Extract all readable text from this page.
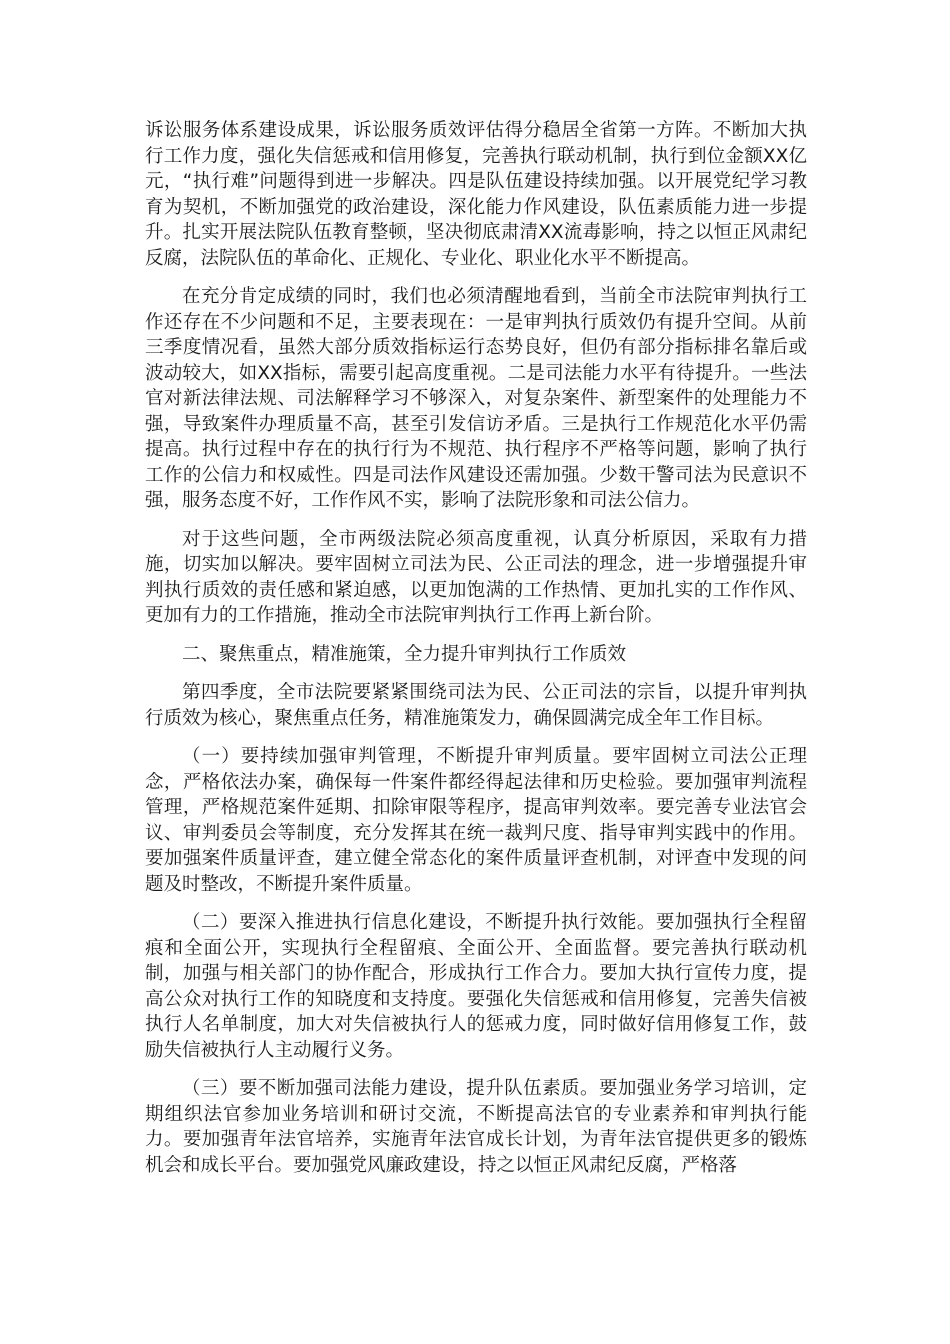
诉讼服务体系建设成果，诉讼服务质效评估得分稳居全省第一方阵。不断加大执行工作力度，强化失信惩戒和信用修复，完善执行联动机制，执行到位金额XX亿元，“执行难”问题得到进一步解决。四是队伍建设持续加强。以开展党纪学习教育为契机，不断加强党的政治建设，深化能力作风建设，队伍素质能力进一步提升。扎实开展法院队伍教育整顿，坚决彻底肃清XX流毒影响，持之以恒正风肃纪反腐，法院队伍的革命化、正规化、专业化、职业化水平不断提高。

在充分肯定成绩的同时，我们也必须清醒地看到，当前全市法院审判执行工作还存在不少问题和不足，主要表现在：一是审判执行质效仍有提升空间。从前三季度情况看，虽然大部分质效指标运行态势良好，但仍有部分指标排名靠后或波动较大，如XX指标，需要引起高度重视。二是司法能力水平有待提升。一些法官对新法律法规、司法解释学习不够深入，对复杂案件、新型案件的处理能力不强，导致案件办理质量不高，甚至引发信访矛盾。三是执行工作规范化水平仍需提高。执行过程中存在的执行行为不规范、执行程序不严格等问题，影响了执行工作的公信力和权威性。四是司法作风建设还需加强。少数干警司法为民意识不强，服务态度不好，工作作风不实，影响了法院形象和司法公信力。

对于这些问题，全市两级法院必须高度重视，认真分析原因，采取有力措施，切实加以解决。要牢固树立司法为民、公正司法的理念，进一步增强提升审判执行质效的责任感和紧迫感，以更加饱满的工作热情、更加扎实的工作作风、更加有力的工作措施，推动全市法院审判执行工作再上新台阶。

二、聚焦重点，精准施策，全力提升审判执行工作质效

第四季度，全市法院要紧紧围绕司法为民、公正司法的宗旨，以提升审判执行质效为核心，聚焦重点任务，精准施策发力，确保圆满完成全年工作目标。

（一）要持续加强审判管理，不断提升审判质量。要牢固树立司法公正理念，严格依法办案，确保每一件案件都经得起法律和历史检验。要加强审判流程管理，严格规范案件延期、扣除审限等程序，提高审判效率。要完善专业法官会议、审判委员会等制度，充分发挥其在统一裁判尺度、指导审判实践中的作用。要加强案件质量评查，建立健全常态化的案件质量评查机制，对评查中发现的问题及时整改，不断提升案件质量。

（二）要深入推进执行信息化建设，不断提升执行效能。要加强执行全程留痕和全面公开，实现执行全程留痕、全面公开、全面监督。要完善执行联动机制，加强与相关部门的协作配合，形成执行工作合力。要加大执行宣传力度，提高公众对执行工作的知晓度和支持度。要强化失信惩戒和信用修复，完善失信被执行人名单制度，加大对失信被执行人的惩戒力度，同时做好信用修复工作，鼓励失信被执行人主动履行义务。

（三）要不断加强司法能力建设，提升队伍素质。要加强业务学习培训，定期组织法官参加业务培训和研讨交流，不断提高法官的专业素养和审判执行能力。要加强青年法官培养，实施青年法官成长计划，为青年法官提供更多的锻炼机会和成长平台。要加强党风廉政建设，持之以恒正风肃纪反腐，严格落
